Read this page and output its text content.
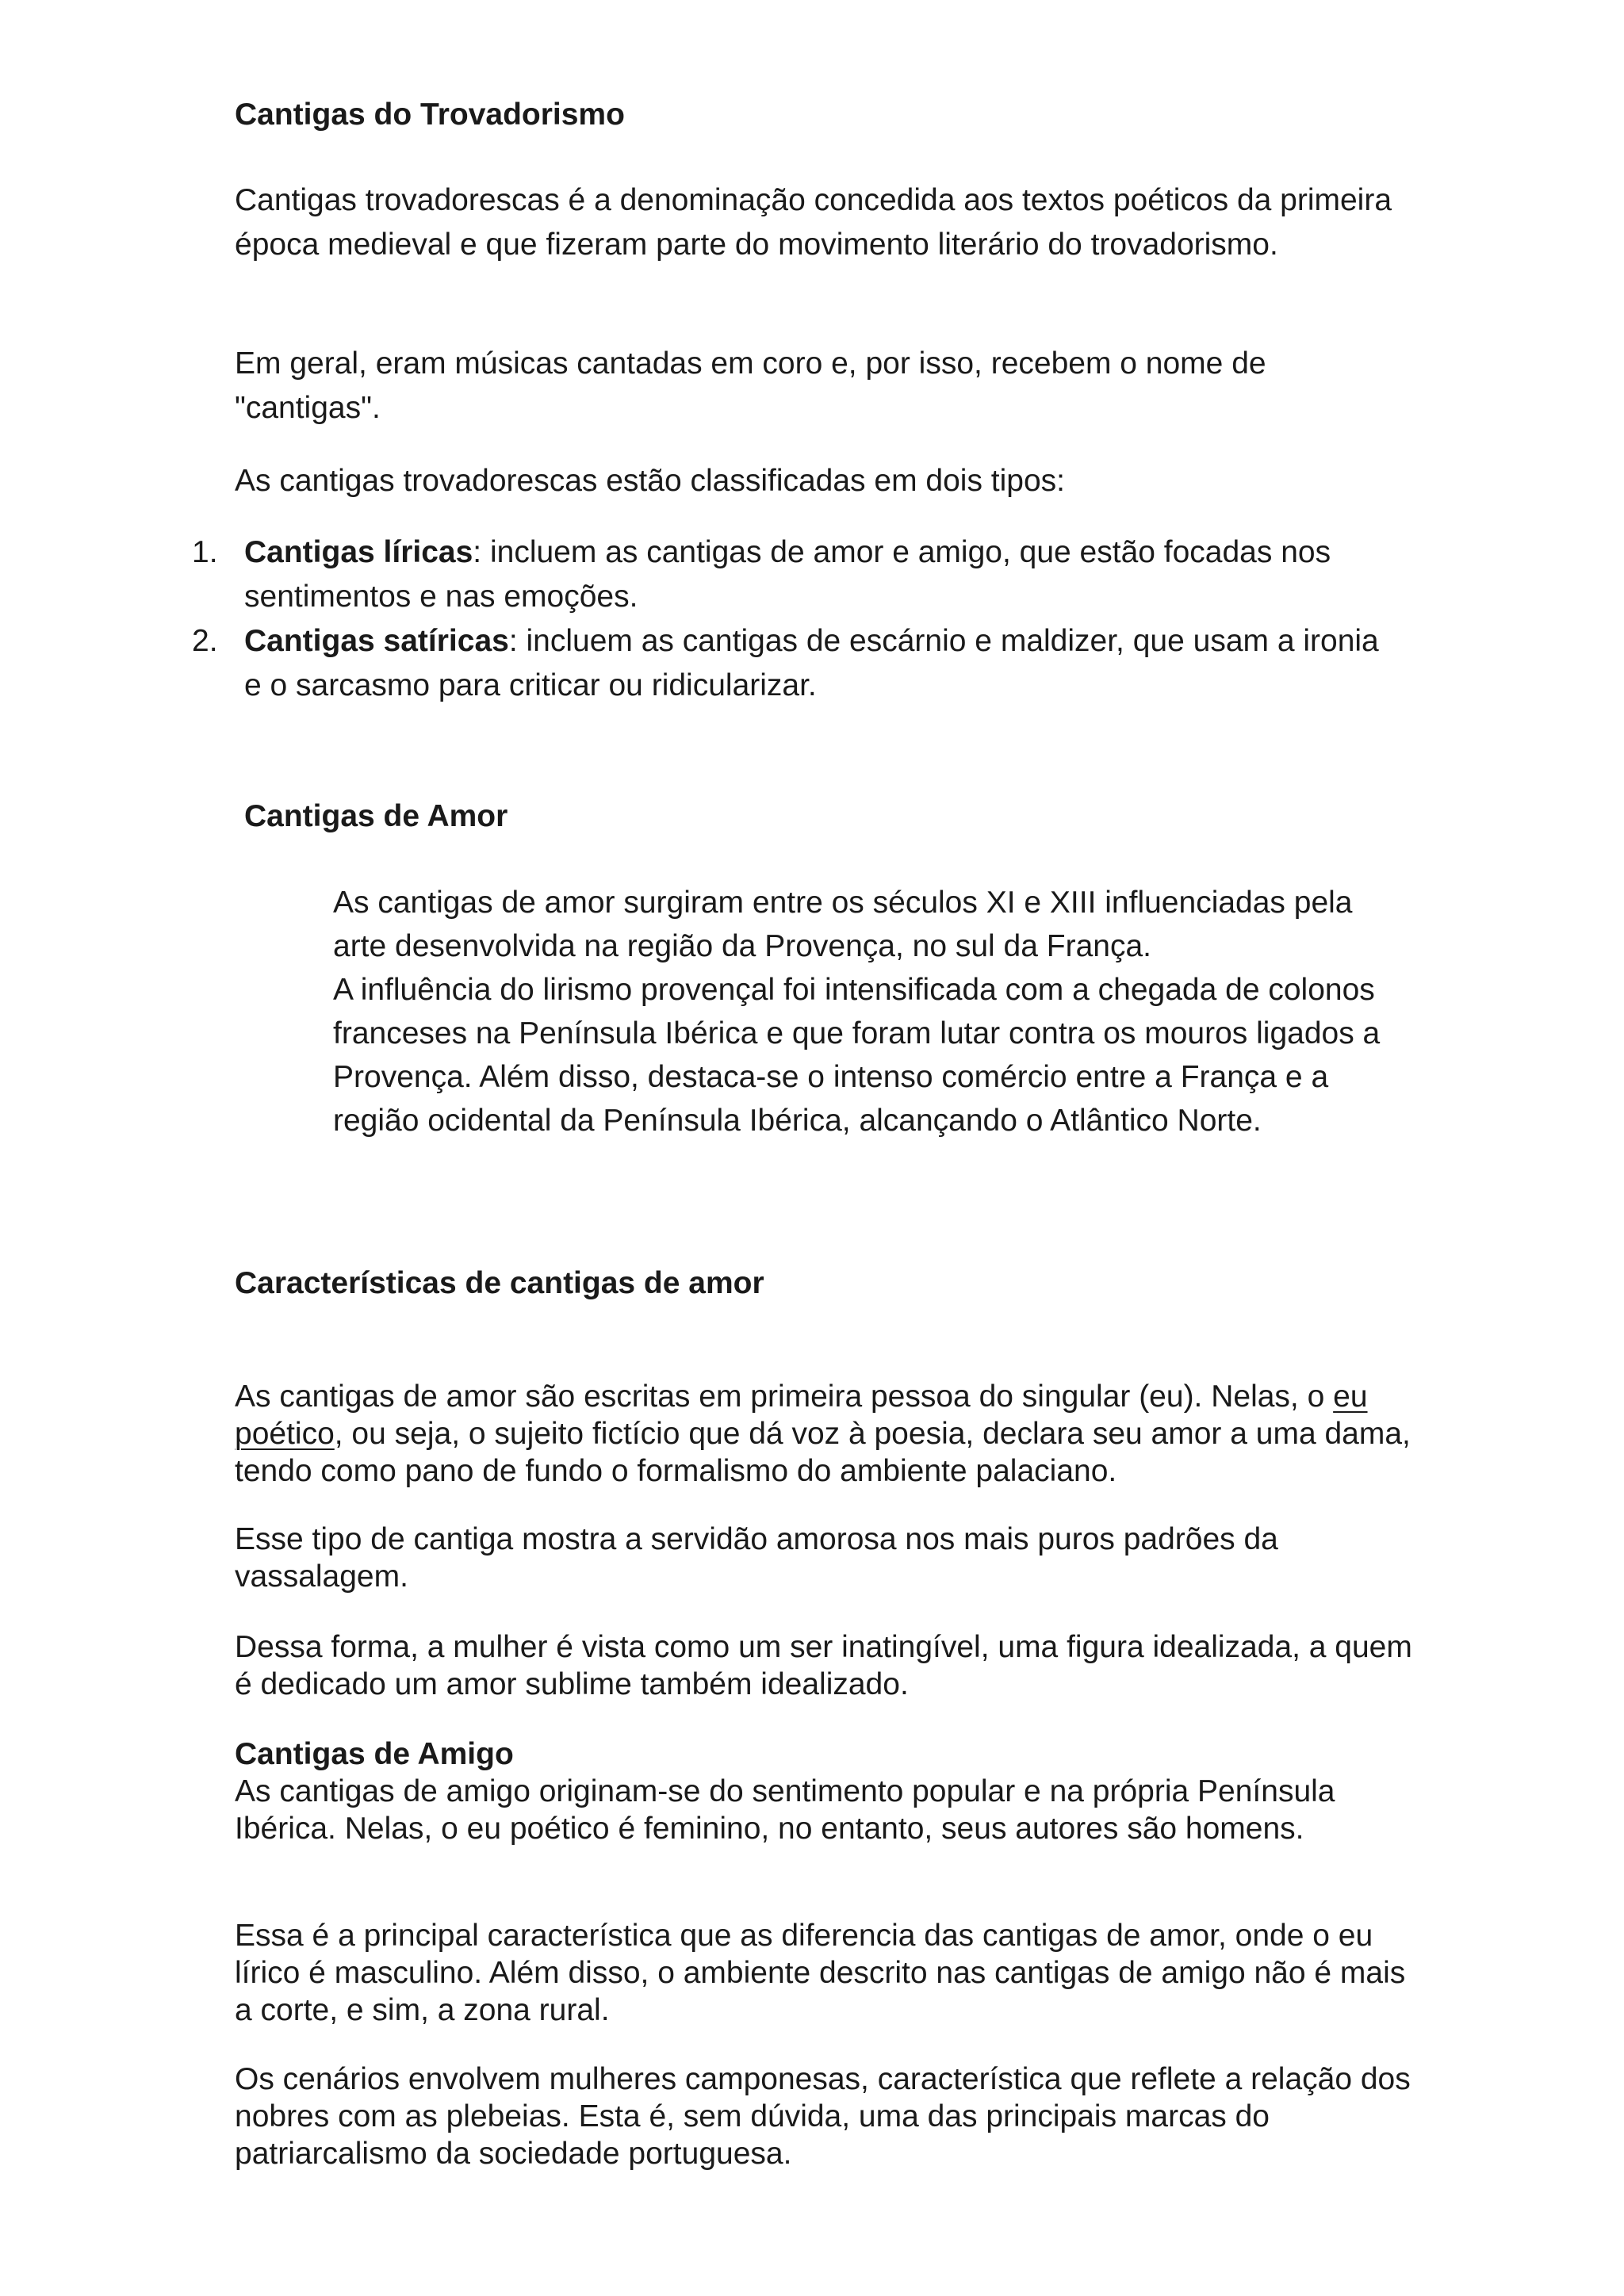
Cantigas do Trovadorismo

Cantigas trovadorescas é a denominação concedida aos textos poéticos da primeira época medieval e que fizeram parte do movimento literário do trovadorismo.

Em geral, eram músicas cantadas em coro e, por isso, recebem o nome de "cantigas".

As cantigas trovadorescas estão classificadas em dois tipos:

1. Cantigas líricas: incluem as cantigas de amor e amigo, que estão focadas nos sentimentos e nas emoções.
2. Cantigas satíricas: incluem as cantigas de escárnio e maldizer, que usam a ironia e o sarcasmo para criticar ou ridicularizar.
Cantigas de Amor

As cantigas de amor surgiram entre os séculos XI e XIII influenciadas pela arte desenvolvida na região da Provença, no sul da França.

A influência do lirismo provençal foi intensificada com a chegada de colonos franceses na Península Ibérica e que foram lutar contra os mouros ligados a Provença. Além disso, destaca-se o intenso comércio entre a França e a região ocidental da Península Ibérica, alcançando o Atlântico Norte.

Características de cantigas de amor

As cantigas de amor são escritas em primeira pessoa do singular (eu). Nelas, o eu poético, ou seja, o sujeito fictício que dá voz à poesia, declara seu amor a uma dama, tendo como pano de fundo o formalismo do ambiente palaciano.

Esse tipo de cantiga mostra a servidão amorosa nos mais puros padrões da vassalagem.

Dessa forma, a mulher é vista como um ser inatingível, uma figura idealizada, a quem é dedicado um amor sublime também idealizado.

Cantigas de Amigo

As cantigas de amigo originam-se do sentimento popular e na própria Península Ibérica. Nelas, o eu poético é feminino, no entanto, seus autores são homens.

Essa é a principal característica que as diferencia das cantigas de amor, onde o eu lírico é masculino. Além disso, o ambiente descrito nas cantigas de amigo não é mais a corte, e sim, a zona rural.

Os cenários envolvem mulheres camponesas, característica que reflete a relação dos nobres com as plebeias. Esta é, sem dúvida, uma das principais marcas do patriarcalismo da sociedade portuguesa.
